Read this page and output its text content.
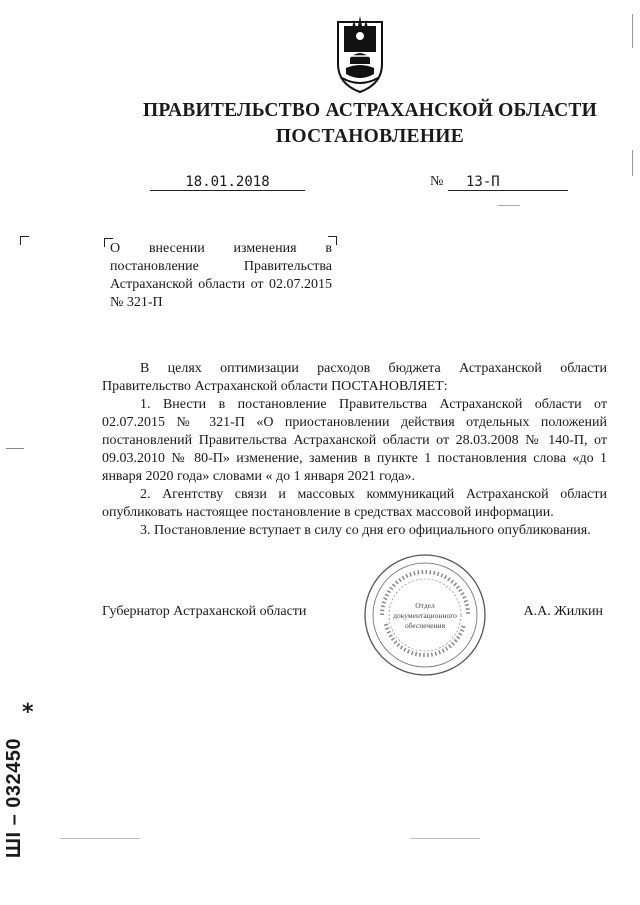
ПРАВИТЕЛЬСТВО АСТРАХАНСКОЙ ОБЛАСТИ
ПОСТАНОВЛЕНИЕ
18.01.2018	№	13-П
О внесении изменения в постановление Правительства Астраханской области от 02.07.2015 № 321-П

В целях оптимизации расходов бюджета Астраханской области Правительство Астраханской области ПОСТАНОВЛЯЕТ:

1. Внести в постановление Правительства Астраханской области от 02.07.2015 № 321-П «О приостановлении действия отдельных положений постановлений Правительства Астраханской области от 28.03.2008 № 140-П, от 09.03.2010 № 80-П» изменение, заменив в пункте 1 постановления слова «до 1 января 2020 года» словами « до 1 января 2021 года».

2. Агентству связи и массовых коммуникаций Астраханской области опубликовать настоящее постановление в средствах массовой информации.

3. Постановление вступает в силу со дня его официального опубликования.

Отдел
документационного
обеспечения
Губернатор Астраханской области	А.А. Жилкин
*
ШІ – 032450
